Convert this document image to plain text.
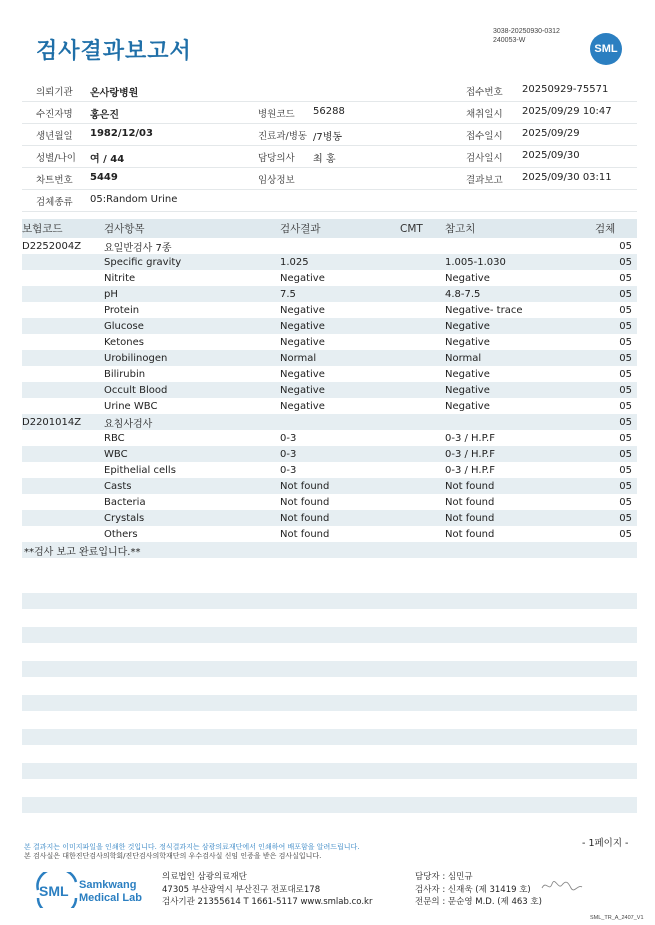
검사결과보고서
3038-20250930-0312
240053-W
SML
의뢰기관 온사랑병원	접수번호 20250929-75571
수진자명 홍은진	병원코드 56288	채취일시 2025/09/29 10:47
생년월일 1982/12/03	진료과/병동 /7병동	접수일시 2025/09/29
성별/나이 여 / 44	담당의사 최 홍	검사일시 2025/09/30
차트번호 5449	임상정보	결과보고 2025/09/30 03:11
검체종류 05:Random Urine
보험코드	검사항목	검사결과	CMT	참고치	검체
D2252004Z	요일반검사 7종				05
	Specific gravity	1.025		1.005-1.030	05
	Nitrite	Negative		Negative	05
	pH	7.5		4.8-7.5	05
	Protein	Negative		Negative- trace	05
	Glucose	Negative		Negative	05
	Ketones	Negative		Negative	05
	Urobilinogen	Normal		Normal	05
	Bilirubin	Negative		Negative	05
	Occult Blood	Negative		Negative	05
	Urine WBC	Negative		Negative	05
D2201014Z	요침사검사				05
	RBC	0-3		0-3 / H.P.F	05
	WBC	0-3		0-3 / H.P.F	05
	Epithelial cells	0-3		0-3 / H.P.F	05
	Casts	Not found		Not found	05
	Bacteria	Not found		Not found	05
	Crystals	Not found		Not found	05
	Others	Not found		Not found	05
**검사 보고 완료입니다.**					
- 1페이지 -
본 결과지는 이미지파일을 인쇄한 것입니다. 정식결과지는 삼광의료재단에서 인쇄하여 배포함을 알려드립니다.
본 검사실은 대한진단검사의학회/진단검사의학재단의 우수검사실 신임 인증을 받은 검사실입니다.
SML Samkwang
Medical Lab
의료법인 삼광의료재단
47305 부산광역시 부산진구 전포대로178
검사기관 21355614 T 1661-5117 www.smlab.co.kr
담당자 : 심민규
검사자 : 신재욱 (제 31419 호)
전문의 : 문순영 M.D. (제 463 호)
SML_TR_A_2407_V1
